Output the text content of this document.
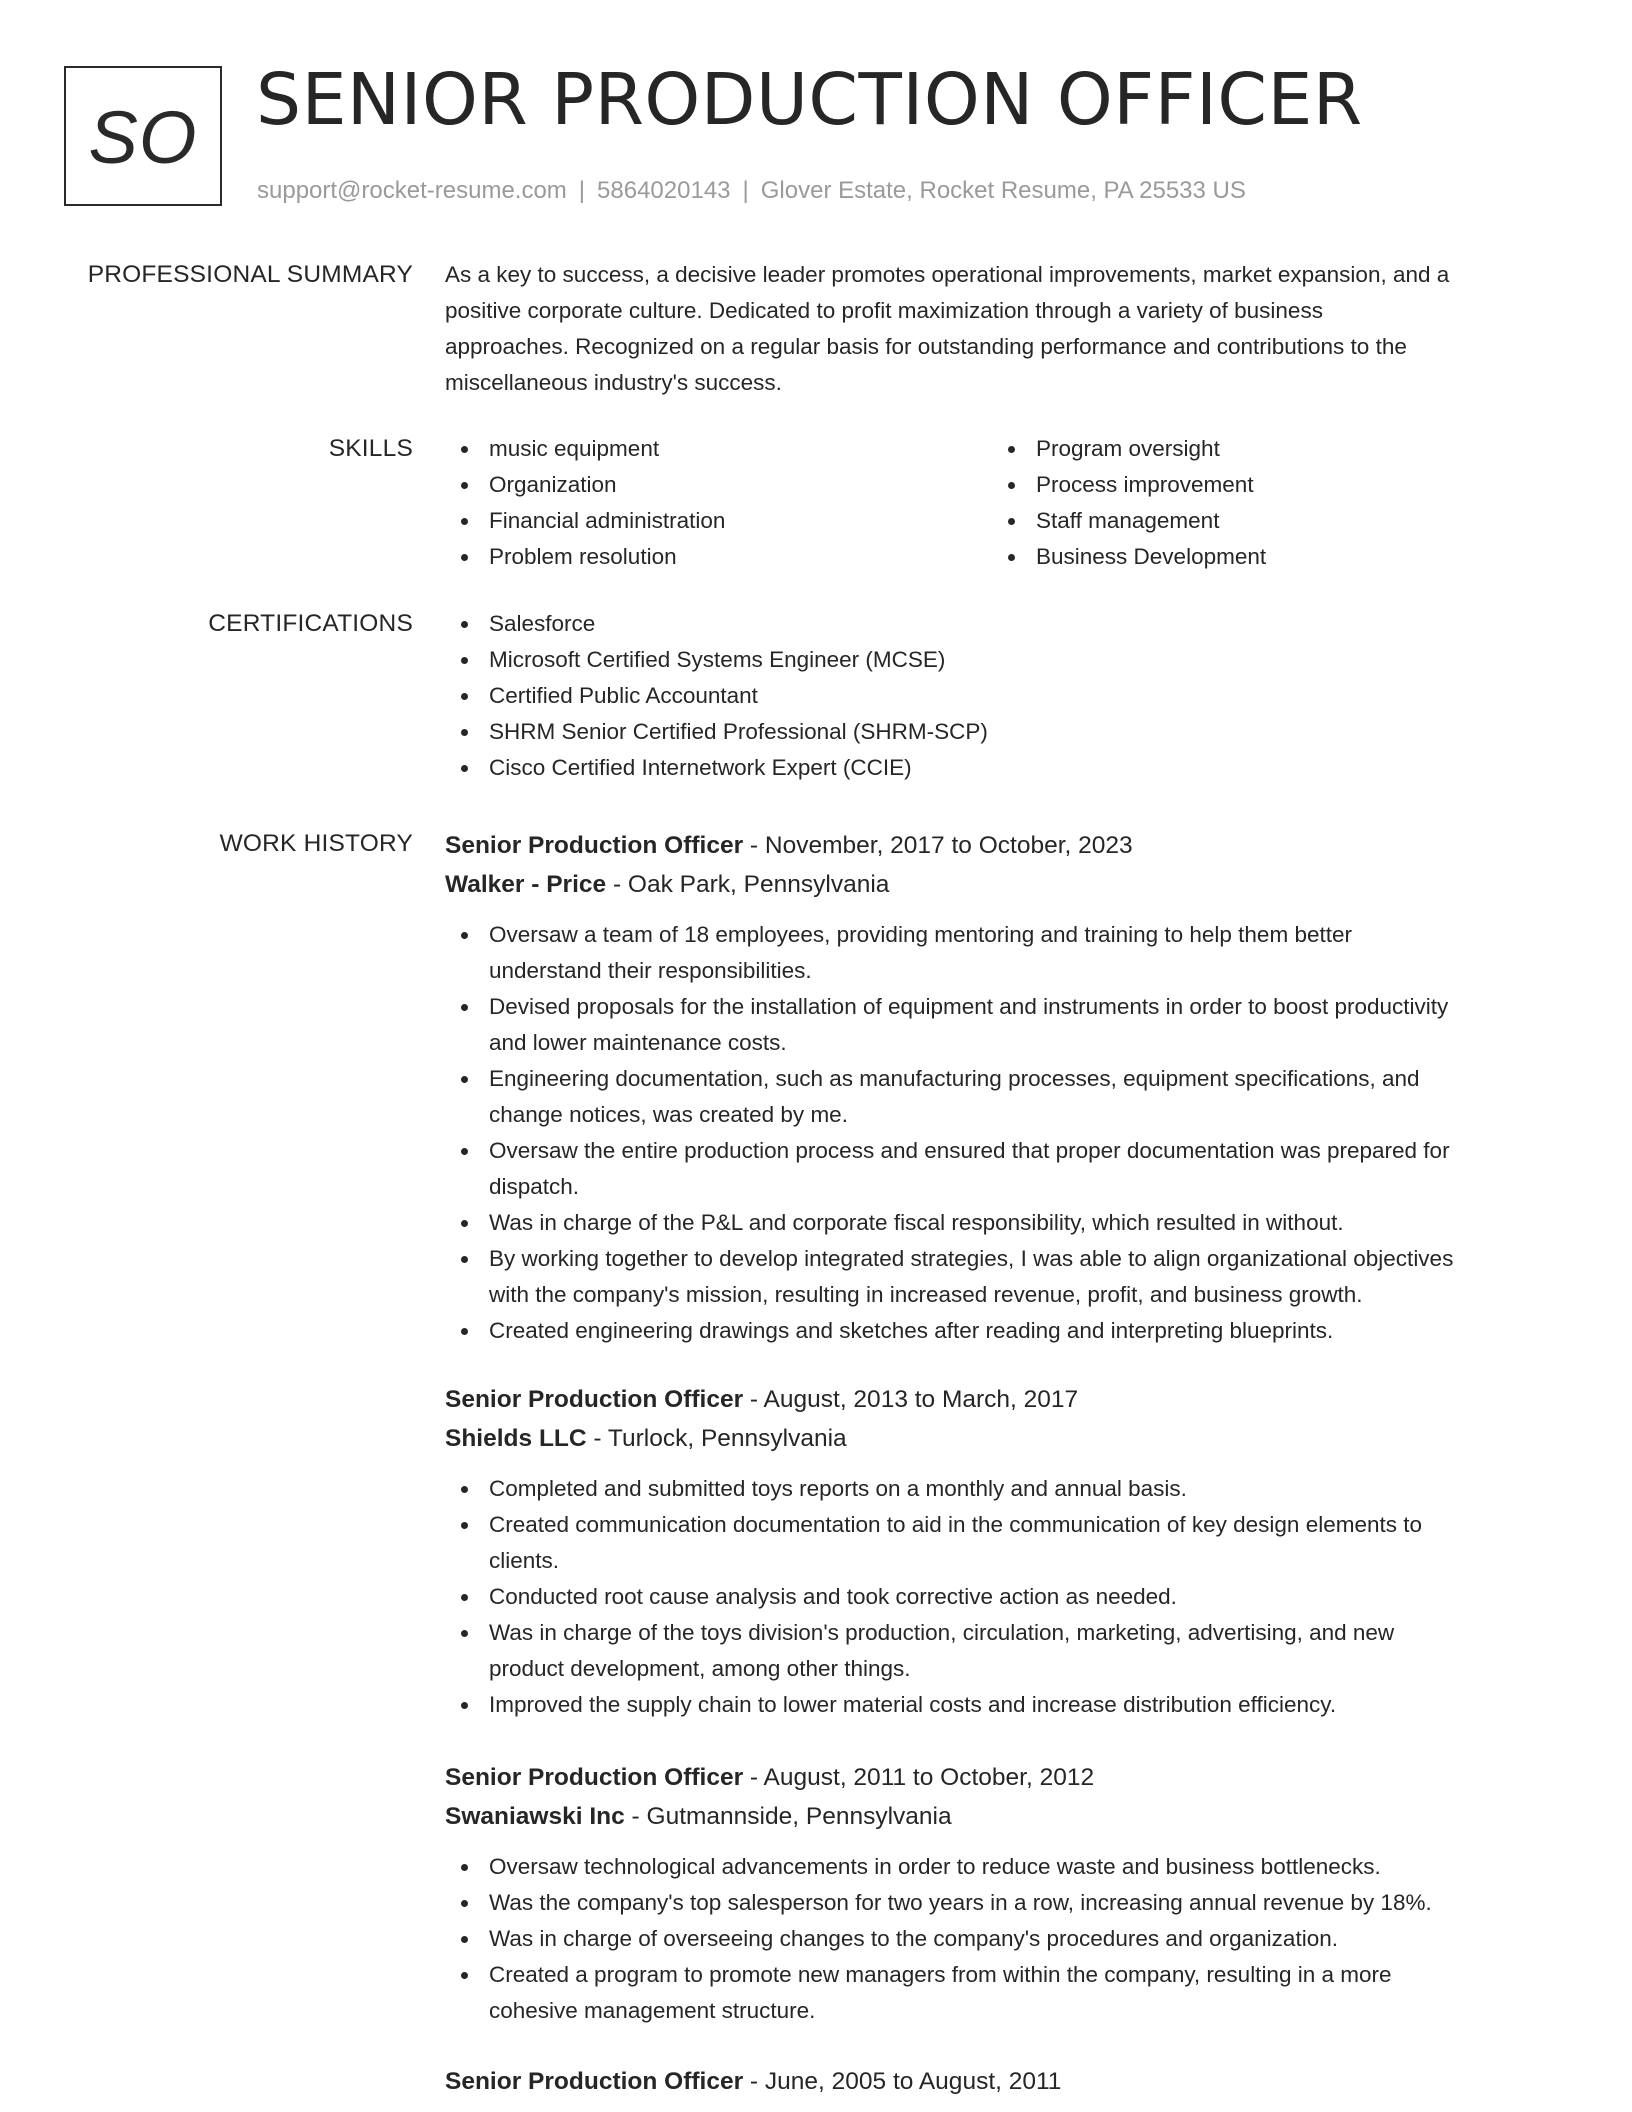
SO SENIOR PRODUCTION OFFICER
support@rocket-resume.com | 5864020143 | Glover Estate, Rocket Resume, PA 25533 US
PROFESSIONAL SUMMARY As a key to success, a decisive leader promotes operational improvements, market expansion, and a

positive corporate culture. Dedicated to profit maximization through a variety of business

approaches. Recognized on a regular basis for outstanding performance and contributions to the

miscellaneous industry's success.

SKILLS	music equipment
Organization
Financial administration
Problem resolution
Program oversight
Process improvement
Staff management
Business Development
CERTIFICATIONS	Salesforce
Microsoft Certified Systems Engineer (MCSE)
Certified Public Accountant
SHRM Senior Certified Professional (SHRM-SCP)
Cisco Certified Internetwork Expert (CCIE)
WORK HISTORY Senior Production Officer - November, 2017 to October, 2023
Walker - Price - Oak Park, Pennsylvania
Oversaw a team of 18 employees, providing mentoring and training to help them better
understand their responsibilities.
Devised proposals for the installation of equipment and instruments in order to boost productivity
and lower maintenance costs.
Engineering documentation, such as manufacturing processes, equipment specifications, and
change notices, was created by me.
Oversaw the entire production process and ensured that proper documentation was prepared for
dispatch.
Was in charge of the P&L and corporate fiscal responsibility, which resulted in without.
By working together to develop integrated strategies, I was able to align organizational objectives
with the company's mission, resulting in increased revenue, profit, and business growth.
Created engineering drawings and sketches after reading and interpreting blueprints.
Senior Production Officer - August, 2013 to March, 2017
Shields LLC - Turlock, Pennsylvania
Completed and submitted toys reports on a monthly and annual basis.
Created communication documentation to aid in the communication of key design elements to
clients.
Conducted root cause analysis and took corrective action as needed.
Was in charge of the toys division's production, circulation, marketing, advertising, and new
product development, among other things.
Improved the supply chain to lower material costs and increase distribution efficiency.
Senior Production Officer - August, 2011 to October, 2012
Swaniawski Inc - Gutmannside, Pennsylvania
Oversaw technological advancements in order to reduce waste and business bottlenecks.
Was the company's top salesperson for two years in a row, increasing annual revenue by 18%.
Was in charge of overseeing changes to the company's procedures and organization.
Created a program to promote new managers from within the company, resulting in a more
cohesive management structure.
Senior Production Officer - June, 2005 to August, 2011
